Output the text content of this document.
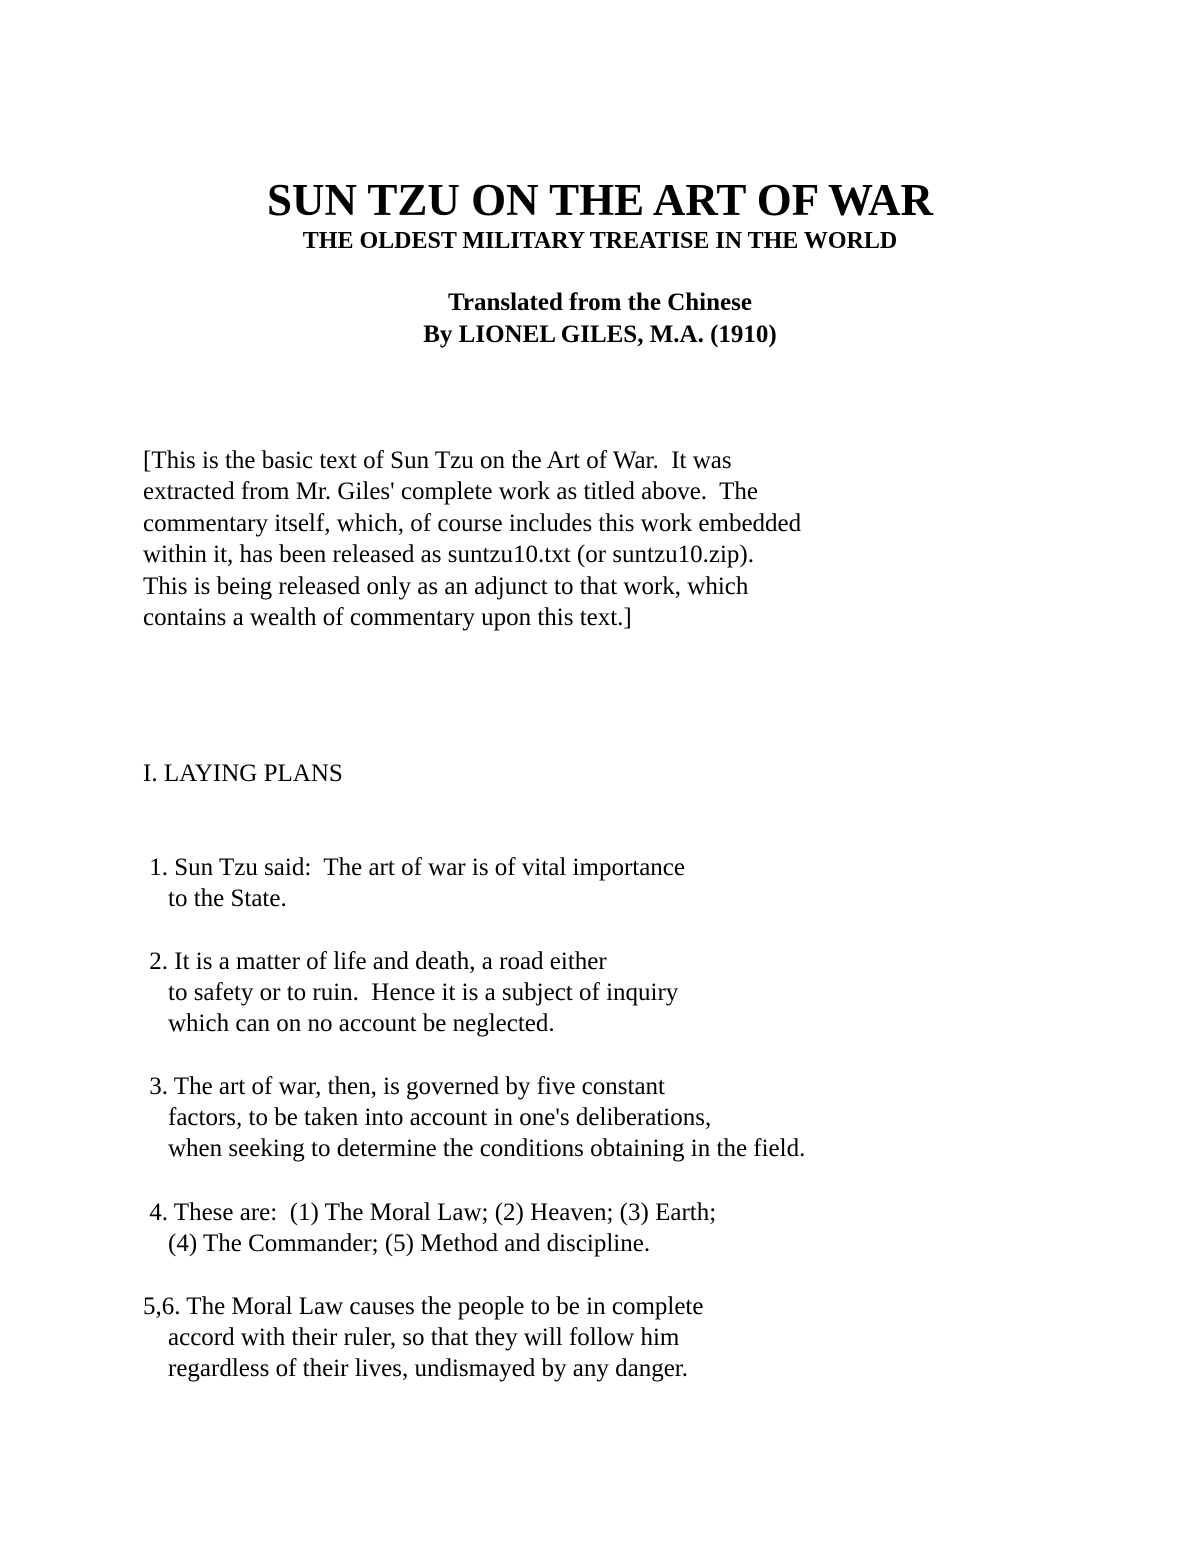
SUN TZU ON THE ART OF WAR
THE OLDEST MILITARY TREATISE IN THE WORLD
Translated from the Chinese
By LIONEL GILES, M.A. (1910)
[This is the basic text of Sun Tzu on the Art of War.  It was
extracted from Mr. Giles' complete work as titled above.  The
commentary itself, which, of course includes this work embedded
within it, has been released as suntzu10.txt (or suntzu10.zip).
This is being released only as an adjunct to that work, which
contains a wealth of commentary upon this text.]
I. LAYING PLANS
1. Sun Tzu said:  The art of war is of vital importance
to the State.
2. It is a matter of life and death, a road either
to safety or to ruin.  Hence it is a subject of inquiry
which can on no account be neglected.
3. The art of war, then, is governed by five constant
factors, to be taken into account in one's deliberations,
when seeking to determine the conditions obtaining in the field.
4. These are:  (1) The Moral Law; (2) Heaven; (3) Earth;
(4) The Commander; (5) Method and discipline.
5,6. The Moral Law causes the people to be in complete
accord with their ruler, so that they will follow him
regardless of their lives, undismayed by any danger.
